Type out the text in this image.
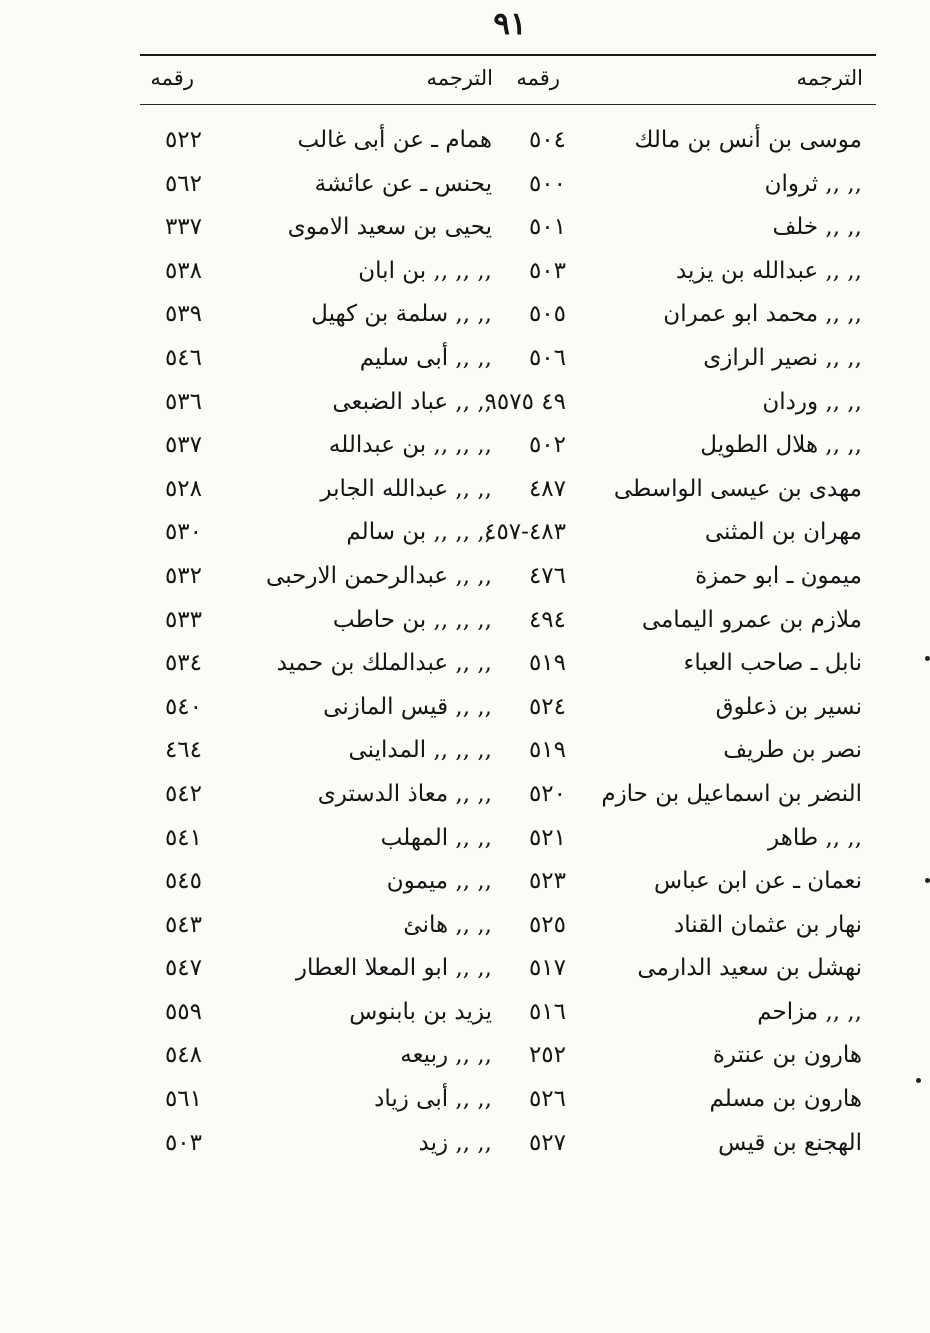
٩١
الترجمه
رقمه
الترجمه
رقمه
موسى بن أنس بن مالك
٥٠٤
همام ـ عن أبى غالب
٥٢٢
,, ,, ثروان
٥٠٠
يحنس ـ عن عائشة
٥٦٢
,, ,, خلف
٥٠١
يحيى بن سعيد الاموى
٣٣٧
,, ,, عبدالله بن يزيد
٥٠٣
,, ,, ,, بن ابان
٥٣٨
,, ,, محمد ابو عمران
٥٠٥
,, ,, سلمة بن كهيل
٥٣٩
,, ,, نصير الرازى
٥٠٦
,, ,, أبى سليم
٥٤٦
,, ,, وردان
٤٩ ٩٥٧٥
,, ,, عباد الضبعى
٥٣٦
,, ,, هلال الطويل
٥٠٢
,, ,, ,, بن عبدالله
٥٣٧
مهدى بن عيسى الواسطى
٤٨٧
,, ,, عبدالله الجابر
٥٢٨
مهران بن المثنى
٤٨٣-٤٥٧
,, ,, ,, بن سالم
٥٣٠
ميمون ـ ابو حمزة
٤٧٦
,, ,, عبدالرحمن الارحبى
٥٣٢
ملازم بن عمرو اليمامى
٤٩٤
,, ,, ,, بن حاطب
٥٣٣
نابل ـ صاحب العباء
٥١٩
,, ,, عبدالملك بن حميد
٥٣٤
نسير بن ذعلوق
٥٢٤
,, ,, قيس المازنى
٥٤٠
نصر بن طريف
٥١٩
,, ,, ,, المداينى
٤٦٤
النضر بن اسماعيل بن حازم
٥٢٠
,, ,, معاذ الدسترى
٥٤٢
,, ,, طاهر
٥٢١
,, ,, المهلب
٥٤١
نعمان ـ عن ابن عباس
٥٢٣
,, ,, ميمون
٥٤٥
نهار بن عثمان القناد
٥٢٥
,, ,, هانئ
٥٤٣
نهشل بن سعيد الدارمى
٥١٧
,, ,, ابو المعلا العطار
٥٤٧
,, ,, مزاحم
٥١٦
يزيد بن بابنوس
٥٥٩
هارون بن عنترة
٢٥٢
,, ,, ربيعه
٥٤٨
هارون بن مسلم
٥٢٦
,, ,, أبى زياد
٥٦١
الهجنع بن قيس
٥٢٧
,, ,, زيد
٥٠٣
